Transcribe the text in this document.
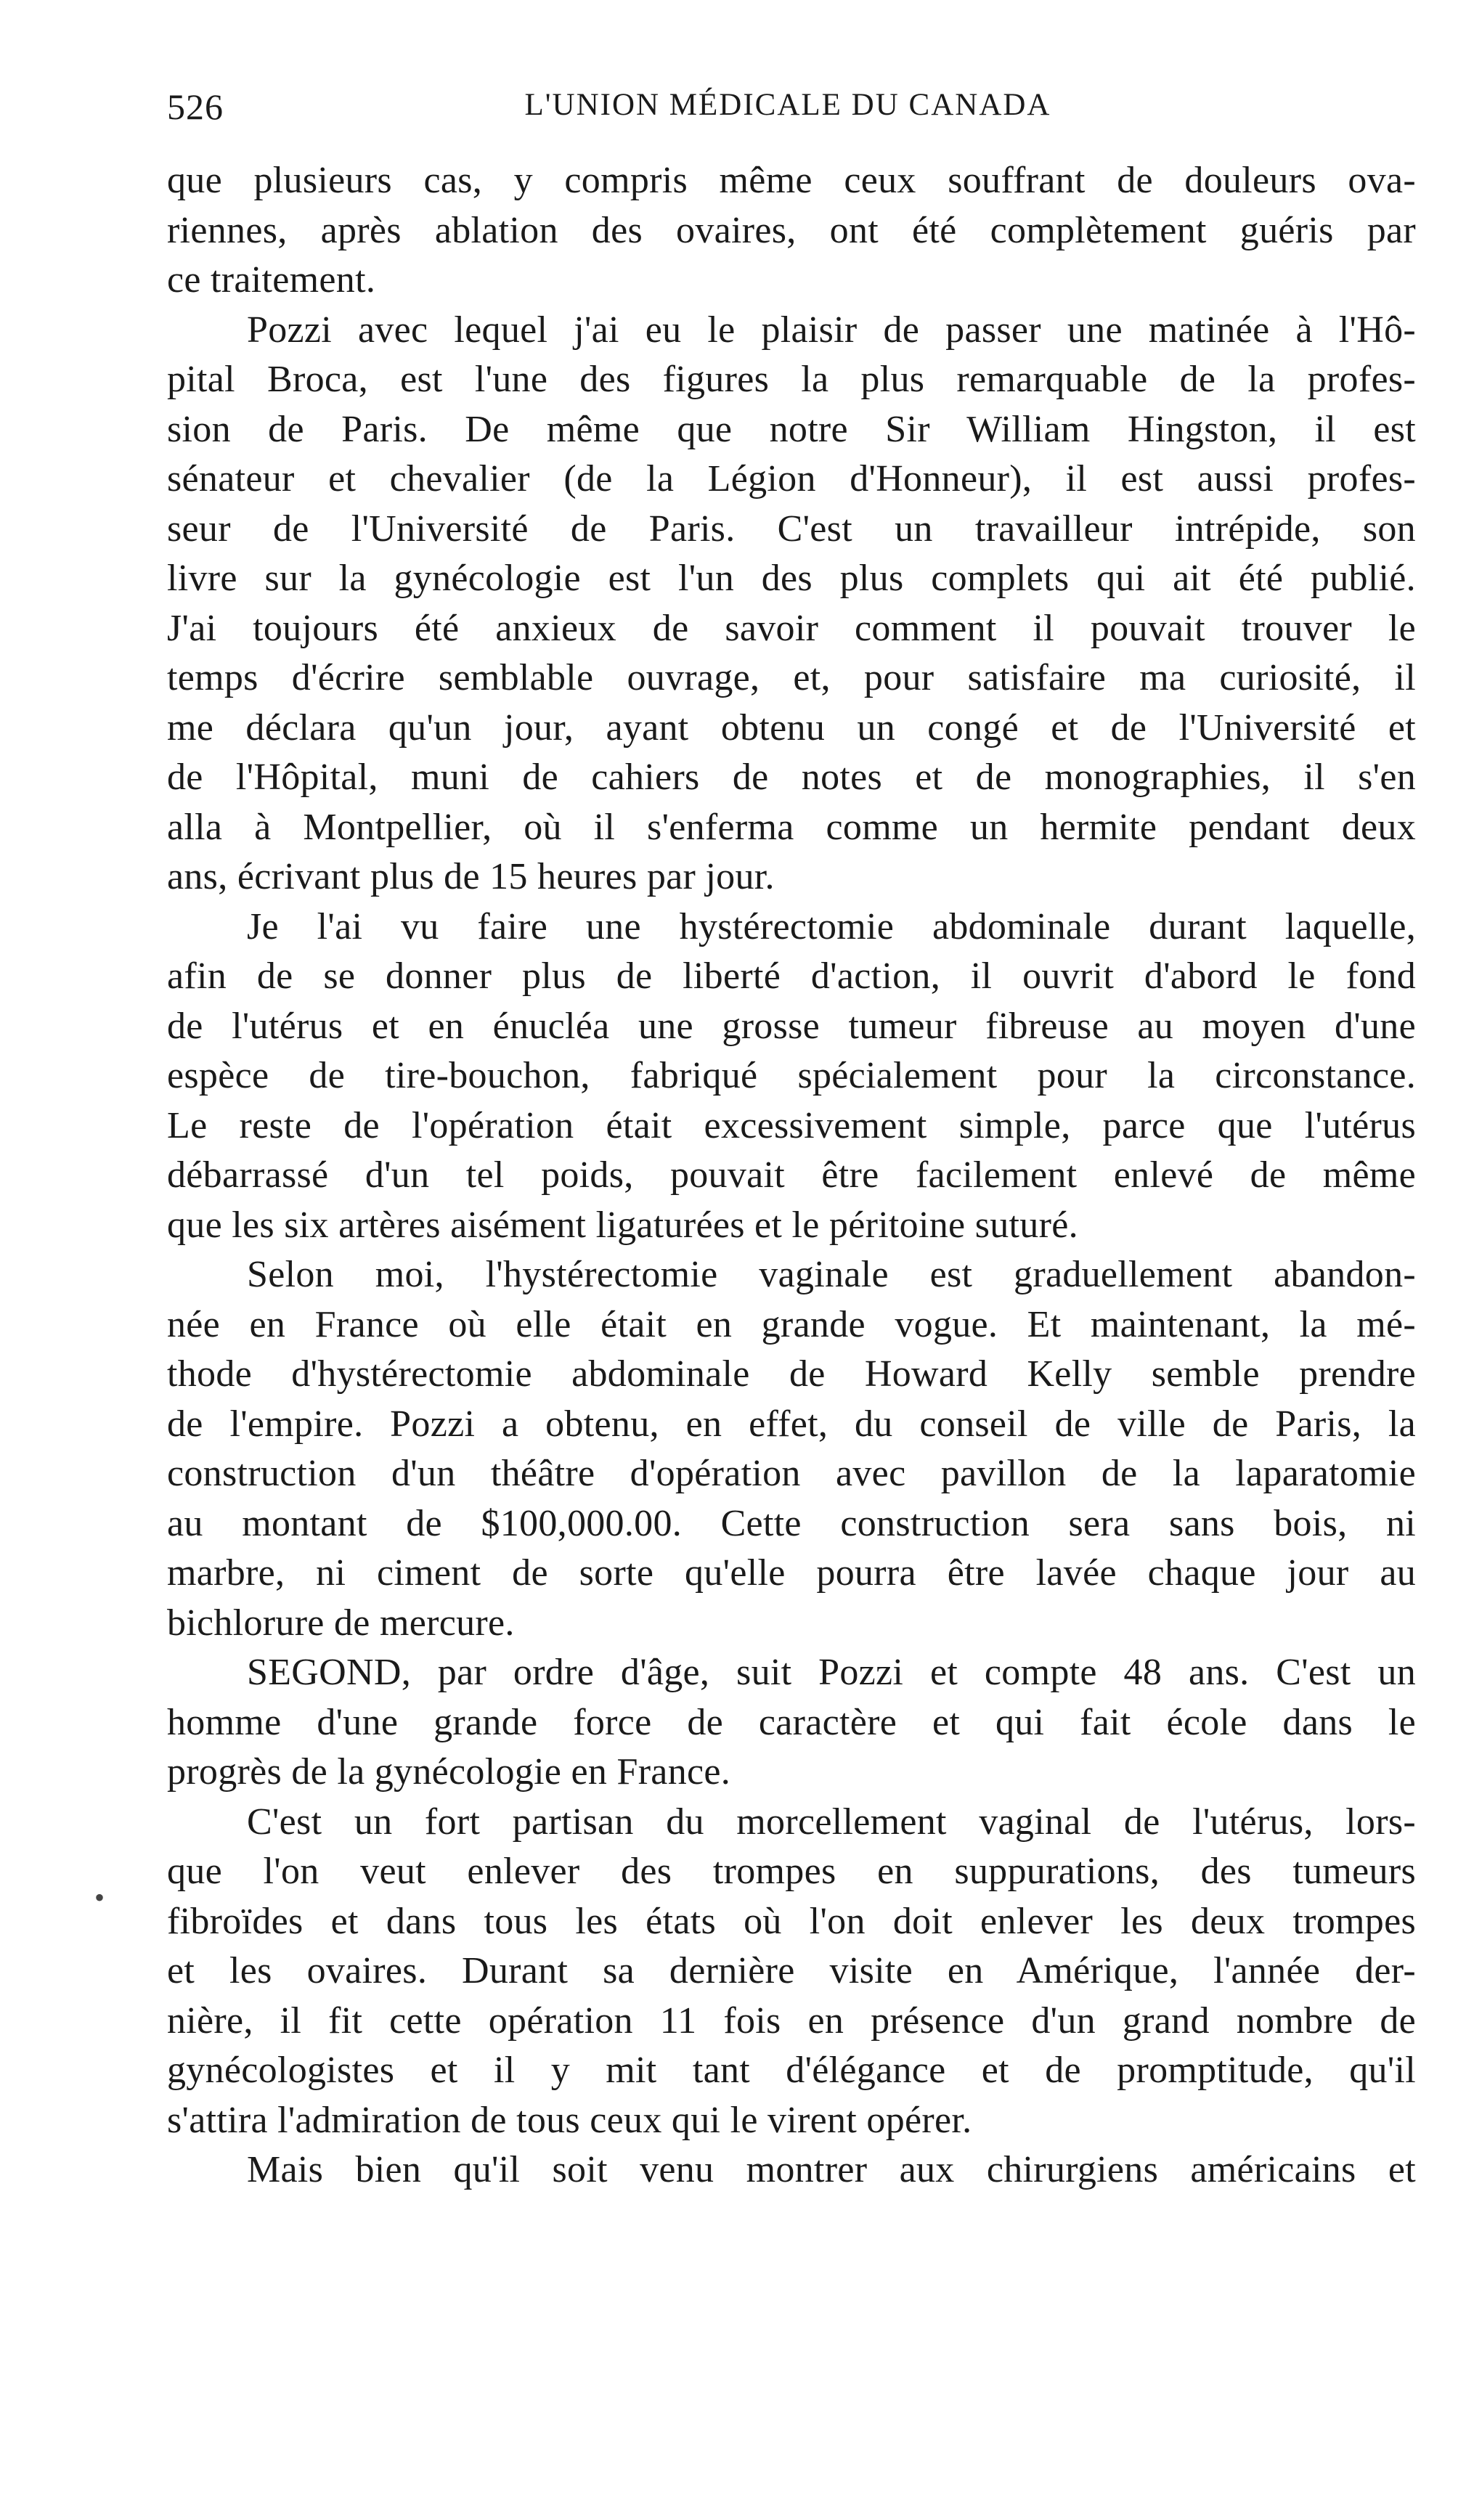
526	L'UNION MÉDICALE DU CANADA
que plusieurs cas, y compris même ceux souffrant de douleurs ova-
riennes, après ablation des ovaires, ont été complètement guéris par
ce traitement.
Pozzi avec lequel j'ai eu le plaisir de passer une matinée à l'Hô-
pital Broca, est l'une des figures la plus remarquable de la profes-
sion de Paris. De même que notre Sir William Hingston, il est
sénateur et chevalier (de la Légion d'Honneur), il est aussi profes-
seur de l'Université de Paris. C'est un travailleur intrépide, son
livre sur la gynécologie est l'un des plus complets qui ait été publié.
J'ai toujours été anxieux de savoir comment il pouvait trouver le
temps d'écrire semblable ouvrage, et, pour satisfaire ma curiosité, il
me déclara qu'un jour, ayant obtenu un congé et de l'Université et
de l'Hôpital, muni de cahiers de notes et de monographies, il s'en
alla à Montpellier, où il s'enferma comme un hermite pendant deux
ans, écrivant plus de 15 heures par jour.
Je l'ai vu faire une hystérectomie abdominale durant laquelle,
afin de se donner plus de liberté d'action, il ouvrit d'abord le fond
de l'utérus et en énucléa une grosse tumeur fibreuse au moyen d'une
espèce de tire-bouchon, fabriqué spécialement pour la circonstance.
Le reste de l'opération était excessivement simple, parce que l'utérus
débarrassé d'un tel poids, pouvait être facilement enlevé de même
que les six artères aisément ligaturées et le péritoine suturé.
Selon moi, l'hystérectomie vaginale est graduellement abandon-
née en France où elle était en grande vogue. Et maintenant, la mé-
thode d'hystérectomie abdominale de Howard Kelly semble prendre
de l'empire. Pozzi a obtenu, en effet, du conseil de ville de Paris, la
construction d'un théâtre d'opération avec pavillon de la laparatomie
au montant de $100,000.00. Cette construction sera sans bois, ni
marbre, ni ciment de sorte qu'elle pourra être lavée chaque jour au
bichlorure de mercure.
SEGOND, par ordre d'âge, suit Pozzi et compte 48 ans. C'est un
homme d'une grande force de caractère et qui fait école dans le
progrès de la gynécologie en France.
C'est un fort partisan du morcellement vaginal de l'utérus, lors-
que l'on veut enlever des trompes en suppurations, des tumeurs
fibroïdes et dans tous les états où l'on doit enlever les deux trompes
et les ovaires. Durant sa dernière visite en Amérique, l'année der-
nière, il fit cette opération 11 fois en présence d'un grand nombre de
gynécologistes et il y mit tant d'élégance et de promptitude, qu'il
s'attira l'admiration de tous ceux qui le virent opérer.
Mais bien qu'il soit venu montrer aux chirurgiens américains et
•
